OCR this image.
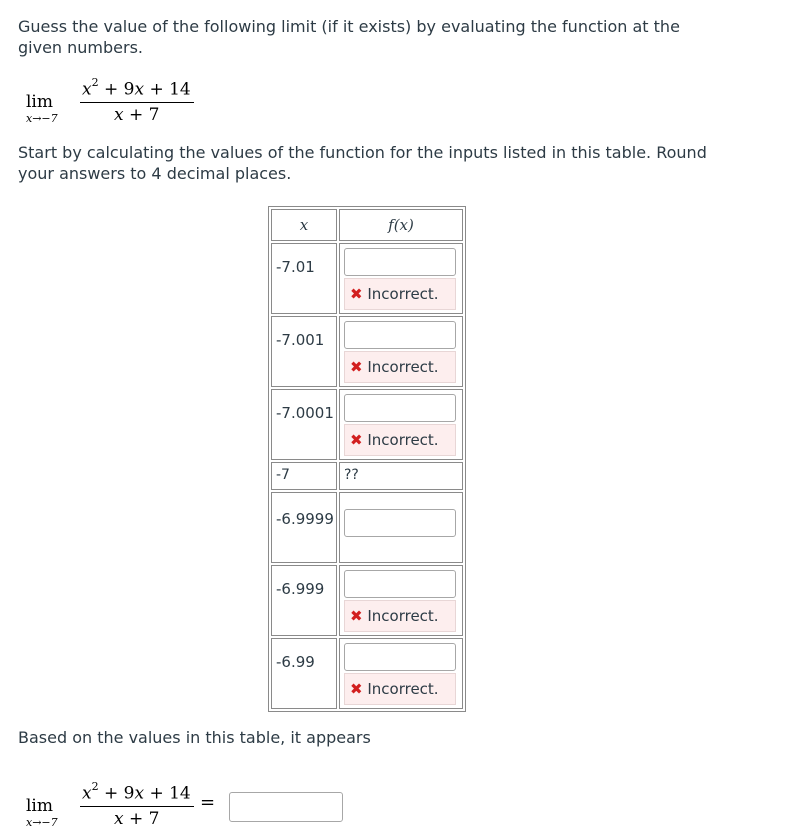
Guess the value of the following limit (if it exists) by evaluating the function at the given numbers.
lim
x→−7
$x^2 + 9x + 14$
x + 7
Start by calculating the values of the function for the inputs listed in this table. Round your answers to 4 decimal places.
x	f(x)

-7.01	✖ Incorrect.

-7.001	✖ Incorrect.

-7.0001	✖ Incorrect.

-7	??

-6.9999	

-6.999	✖ Incorrect.

-6.99	✖ Incorrect.
Based on the values in this table, it appears
lim
x→−7
$x^2 + 9x + 14$
x + 7
=
